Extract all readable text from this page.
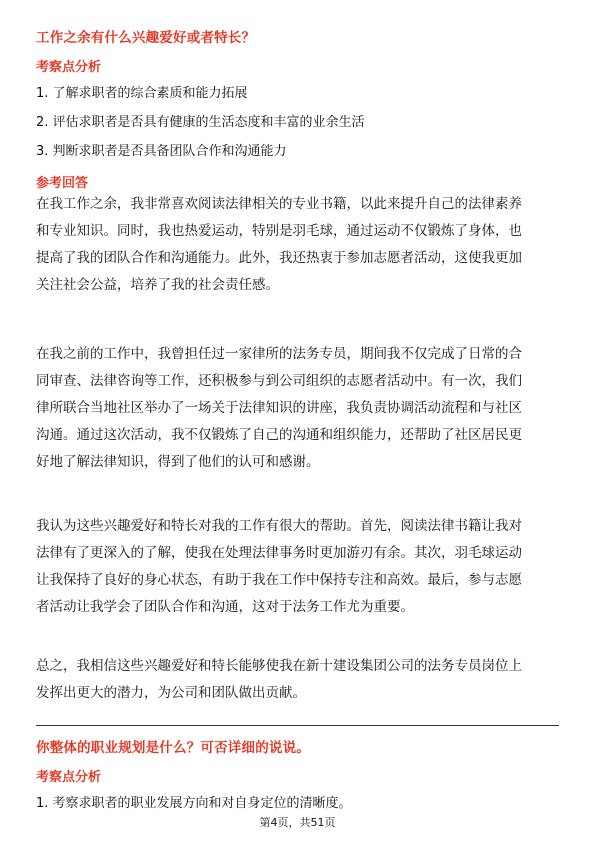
工作之余有什么兴趣爱好或者特长？
考察点分析
1. 了解求职者的综合素质和能力拓展
2. 评估求职者是否具有健康的生活态度和丰富的业余生活
3. 判断求职者是否具备团队合作和沟通能力
参考回答
在我工作之余，我非常喜欢阅读法律相关的专业书籍，以此来提升自己的法律素养
和专业知识。同时，我也热爱运动，特别是羽毛球，通过运动不仅锻炼了身体，也
提高了我的团队合作和沟通能力。此外，我还热衷于参加志愿者活动，这使我更加
关注社会公益，培养了我的社会责任感。
在我之前的工作中，我曾担任过一家律所的法务专员，期间我不仅完成了日常的合
同审查、法律咨询等工作，还积极参与到公司组织的志愿者活动中。有一次，我们
律所联合当地社区举办了一场关于法律知识的讲座，我负责协调活动流程和与社区
沟通。通过这次活动，我不仅锻炼了自己的沟通和组织能力，还帮助了社区居民更
好地了解法律知识，得到了他们的认可和感谢。
我认为这些兴趣爱好和特长对我的工作有很大的帮助。首先，阅读法律书籍让我对
法律有了更深入的了解，使我在处理法律事务时更加游刃有余。其次，羽毛球运动
让我保持了良好的身心状态，有助于我在工作中保持专注和高效。最后，参与志愿
者活动让我学会了团队合作和沟通，这对于法务工作尤为重要。
总之，我相信这些兴趣爱好和特长能够使我在新十建设集团公司的法务专员岗位上
发挥出更大的潜力，为公司和团队做出贡献。
你整体的职业规划是什么？可否详细的说说。
考察点分析
1. 考察求职者的职业发展方向和对自身定位的清晰度。
第4页，共51页
